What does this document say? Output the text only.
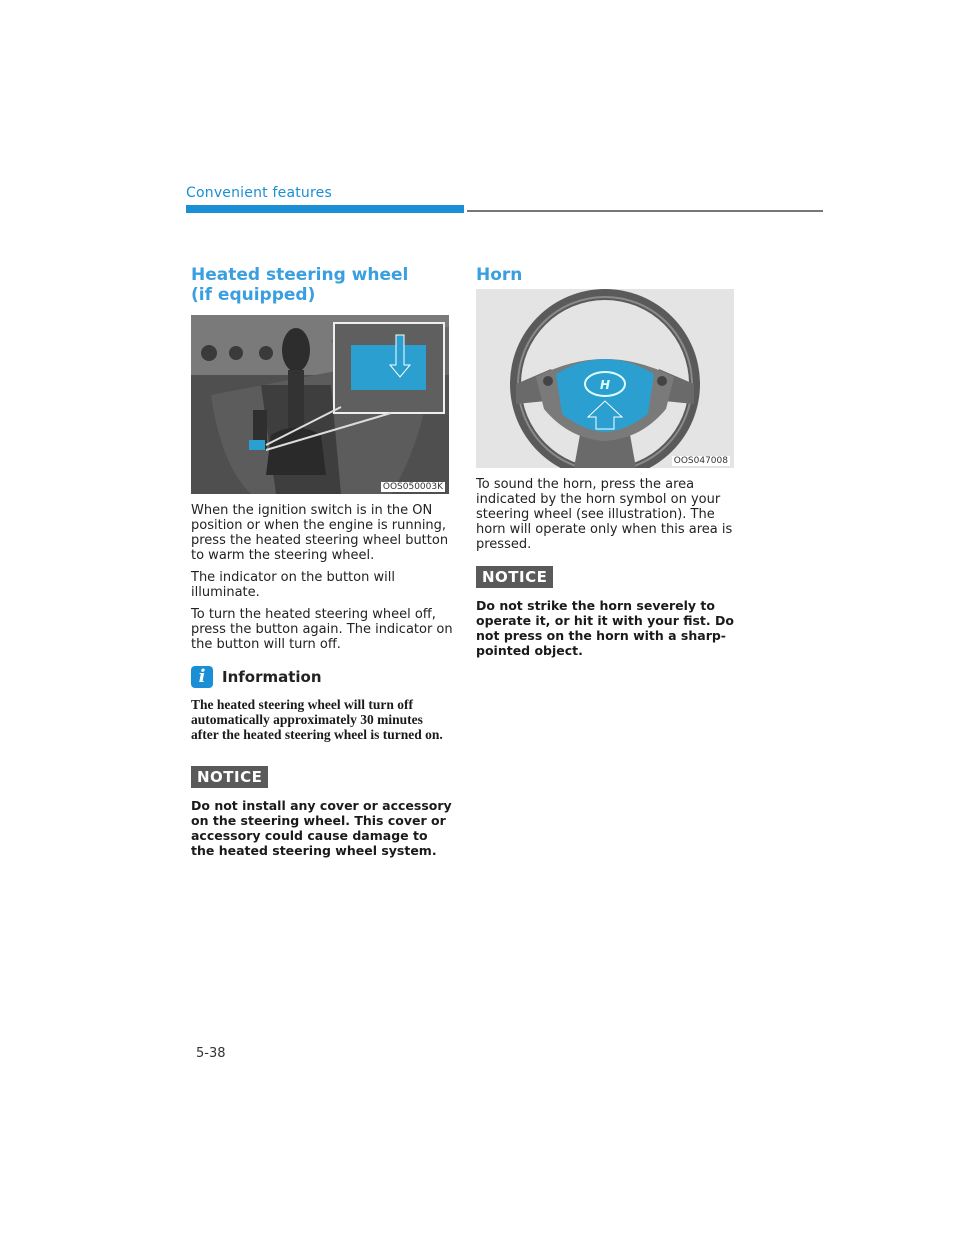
Convenient features
Heated steering wheel
(if equipped)
OOS050003K

When the ignition switch is in the ON position or when the engine is running, press the heated steering wheel button to warm the steering wheel.

The indicator on the button will illuminate.

To turn the heated steering wheel off, press the button again. The indicator on the button will turn off.

i	Information
The heated steering wheel will turn off automatically approximately 30 minutes after the heated steering wheel is turned on.
NOTICE
Do not install any cover or accessory on the steering wheel. This cover or accessory could cause damage to the heated steering wheel system.
Horn
H
OOS047008

To sound the horn, press the area indicated by the horn symbol on your steering wheel (see illustration). The horn will operate only when this area is pressed.

NOTICE
Do not strike the horn severely to operate it, or hit it with your fist. Do not press on the horn with a sharp-pointed object.
5-38
